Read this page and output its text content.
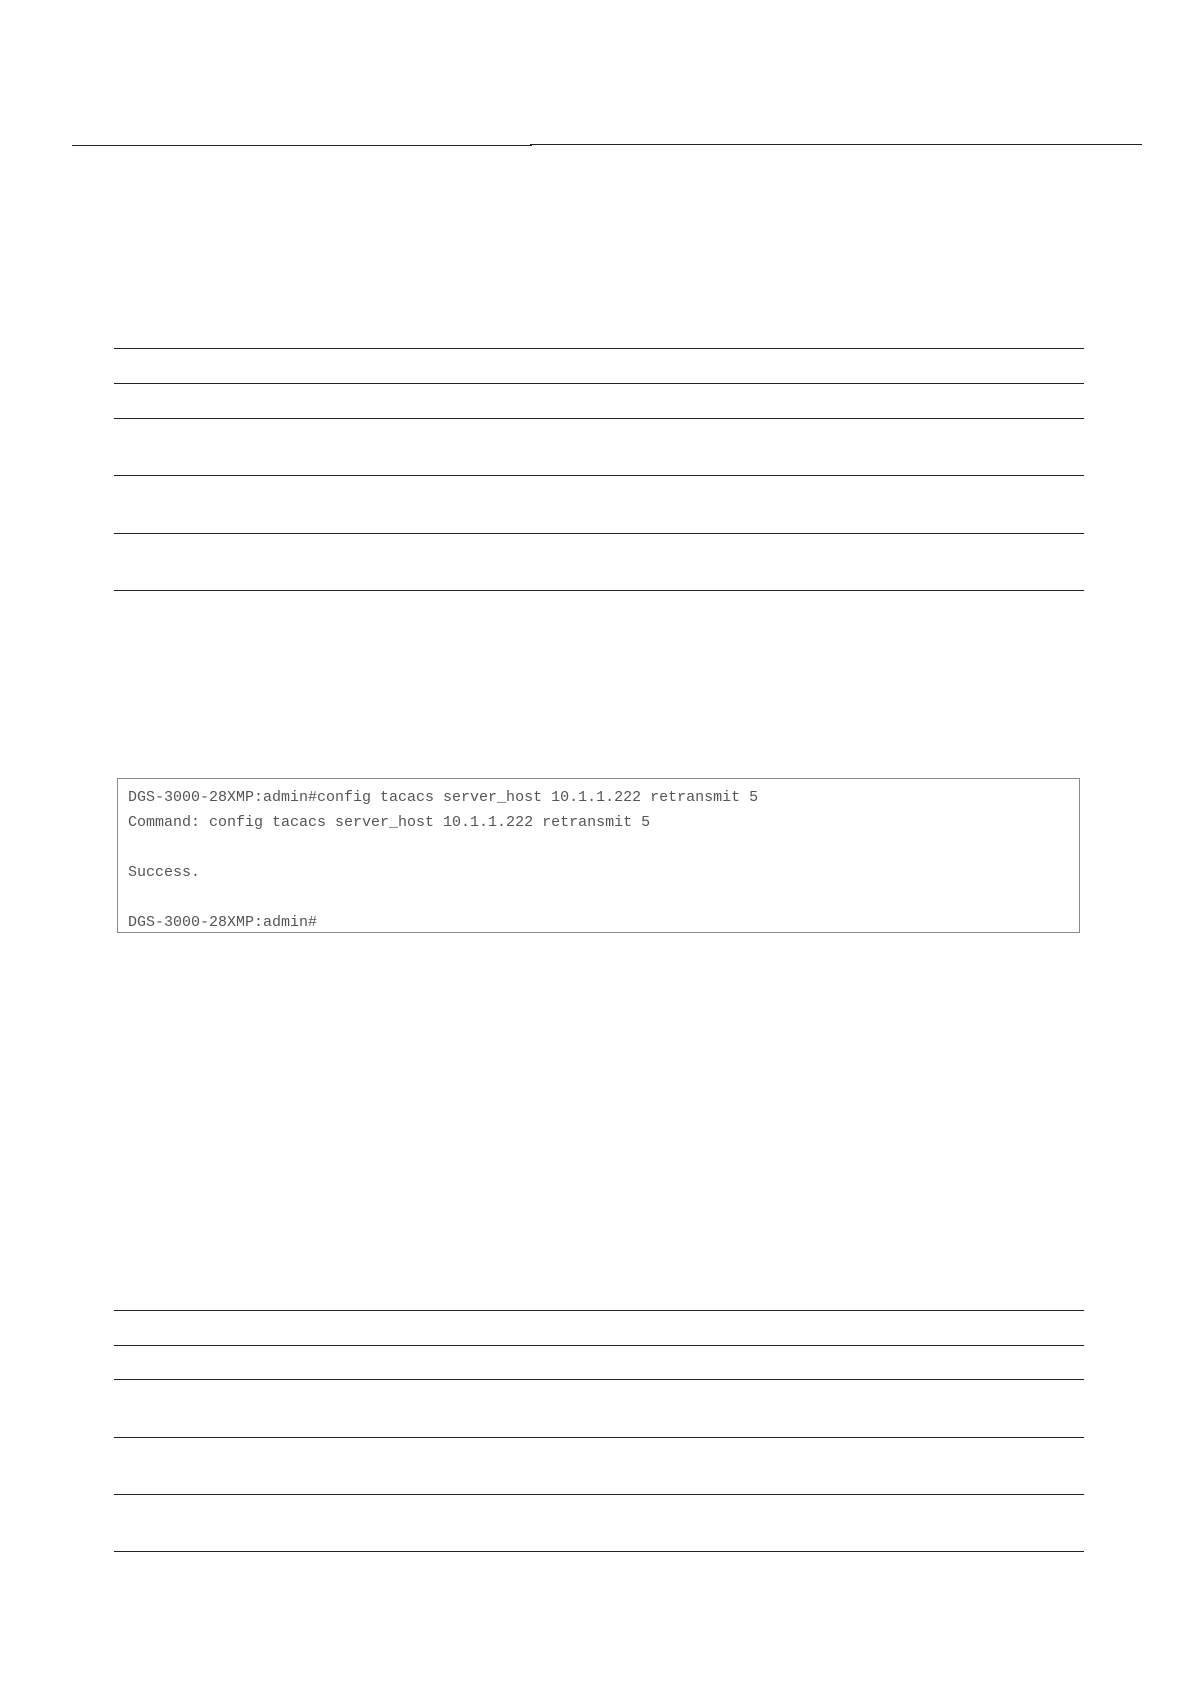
DGS-3000-28XMP:admin#config tacacs server_host 10.1.1.222 retransmit 5
Command: config tacacs server_host 10.1.1.222 retransmit 5
Success.
DGS-3000-28XMP:admin#
